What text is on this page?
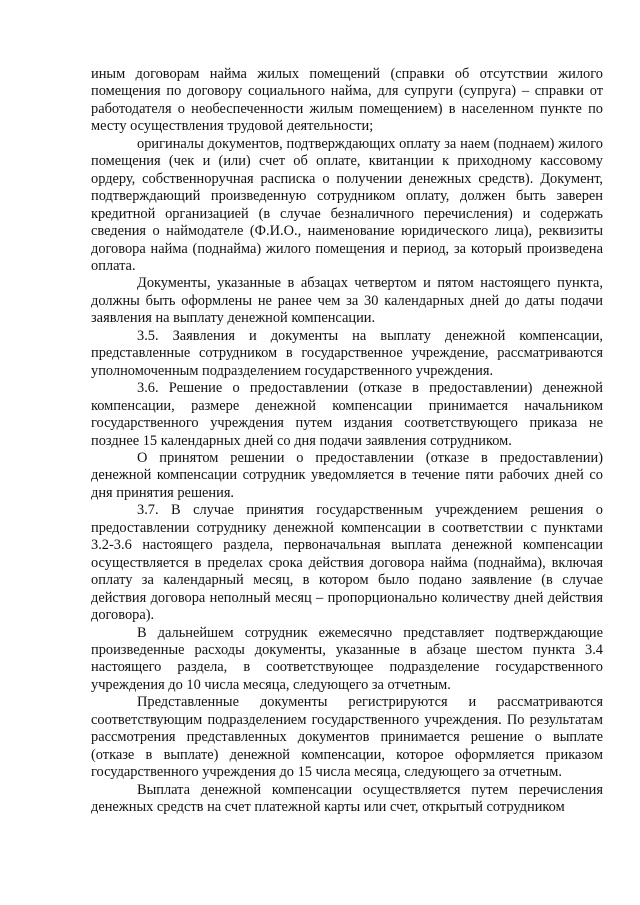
иным договорам найма жилых помещений (справки об отсутствии жилого помещения по договору социального найма, для супруги (супруга) – справки от работодателя о необеспеченности жилым помещением) в населенном пункте по месту осуществления трудовой деятельности;

оригиналы документов, подтверждающих оплату за наем (поднаем) жилого помещения (чек и (или) счет об оплате, квитанции к приходному кассовому ордеру, собственноручная расписка о получении денежных средств). Документ, подтверждающий произведенную сотрудником оплату, должен быть заверен кредитной организацией (в случае безналичного перечисления) и содержать сведения о наймодателе (Ф.И.О., наименование юридического лица), реквизиты договора найма (поднайма) жилого помещения и период, за который произведена оплата.

Документы, указанные в абзацах четвертом и пятом настоящего пункта, должны быть оформлены не ранее чем за 30 календарных дней до даты подачи заявления на выплату денежной компенсации.

3.5. Заявления и документы на выплату денежной компенсации, представленные сотрудником в государственное учреждение, рассматриваются уполномоченным подразделением государственного учреждения.

3.6. Решение о предоставлении (отказе в предоставлении) денежной компенсации, размере денежной компенсации принимается начальником государственного учреждения путем издания соответствующего приказа не позднее 15 календарных дней со дня подачи заявления сотрудником.

О принятом решении о предоставлении (отказе в предоставлении) денежной компенсации сотрудник уведомляется в течение пяти рабочих дней со дня принятия решения.

3.7. В случае принятия государственным учреждением решения о предоставлении сотруднику денежной компенсации в соответствии с пунктами 3.2-3.6 настоящего раздела, первоначальная выплата денежной компенсации осуществляется в пределах срока действия договора найма (поднайма), включая оплату за календарный месяц, в котором было подано заявление (в случае действия договора неполный месяц – пропорционально количеству дней действия договора).

В дальнейшем сотрудник ежемесячно представляет подтверждающие произведенные расходы документы, указанные в абзаце шестом пункта 3.4 настоящего раздела, в соответствующее подразделение государственного учреждения до 10 числа месяца, следующего за отчетным.

Представленные документы регистрируются и рассматриваются соответствующим подразделением государственного учреждения. По результатам рассмотрения представленных документов принимается решение о выплате (отказе в выплате) денежной компенсации, которое оформляется приказом государственного учреждения до 15 числа месяца, следующего за отчетным.

Выплата денежной компенсации осуществляется путем перечисления денежных средств на счет платежной карты или счет, открытый сотрудником
